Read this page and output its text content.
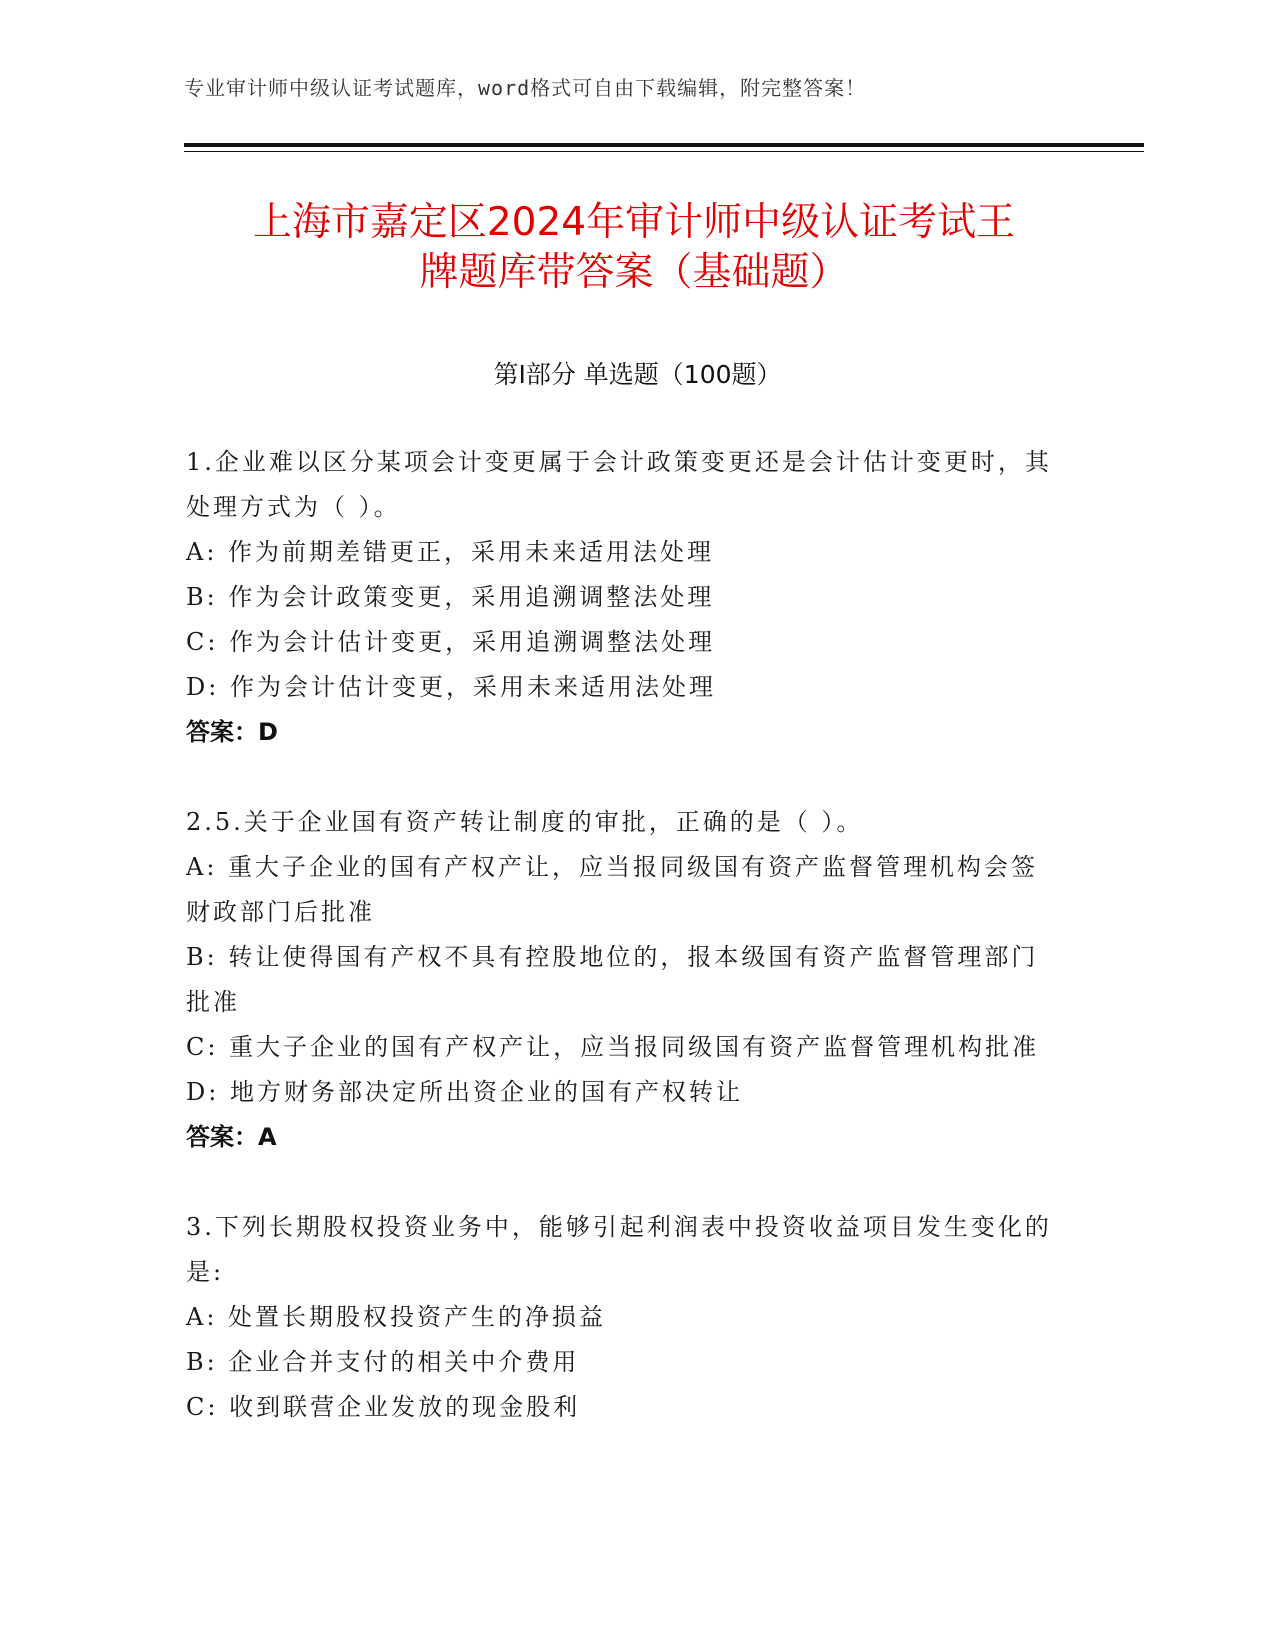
专业审计师中级认证考试题库，word格式可自由下载编辑，附完整答案！
上海市嘉定区2024年审计师中级认证考试王
牌题库带答案（基础题）
第Ⅰ部分 单选题（100题）

1.企业难以区分某项会计变更属于会计政策变更还是会计估计变更时，其处理方式为（ ）。

A: 作为前期差错更正，采用未来适用法处理

B: 作为会计政策变更，采用追溯调整法处理

C: 作为会计估计变更，采用追溯调整法处理

D: 作为会计估计变更，采用未来适用法处理

答案：D

2.5.关于企业国有资产转让制度的审批，正确的是（ ）。

A: 重大子企业的国有产权产让，应当报同级国有资产监督管理机构会签财政部门后批准

B: 转让使得国有产权不具有控股地位的，报本级国有资产监督管理部门批准

C: 重大子企业的国有产权产让，应当报同级国有资产监督管理机构批准

D: 地方财务部决定所出资企业的国有产权转让

答案：A

3.下列长期股权投资业务中，能够引起利润表中投资收益项目发生变化的是:

A: 处置长期股权投资产生的净损益

B: 企业合并支付的相关中介费用

C: 收到联营企业发放的现金股利
